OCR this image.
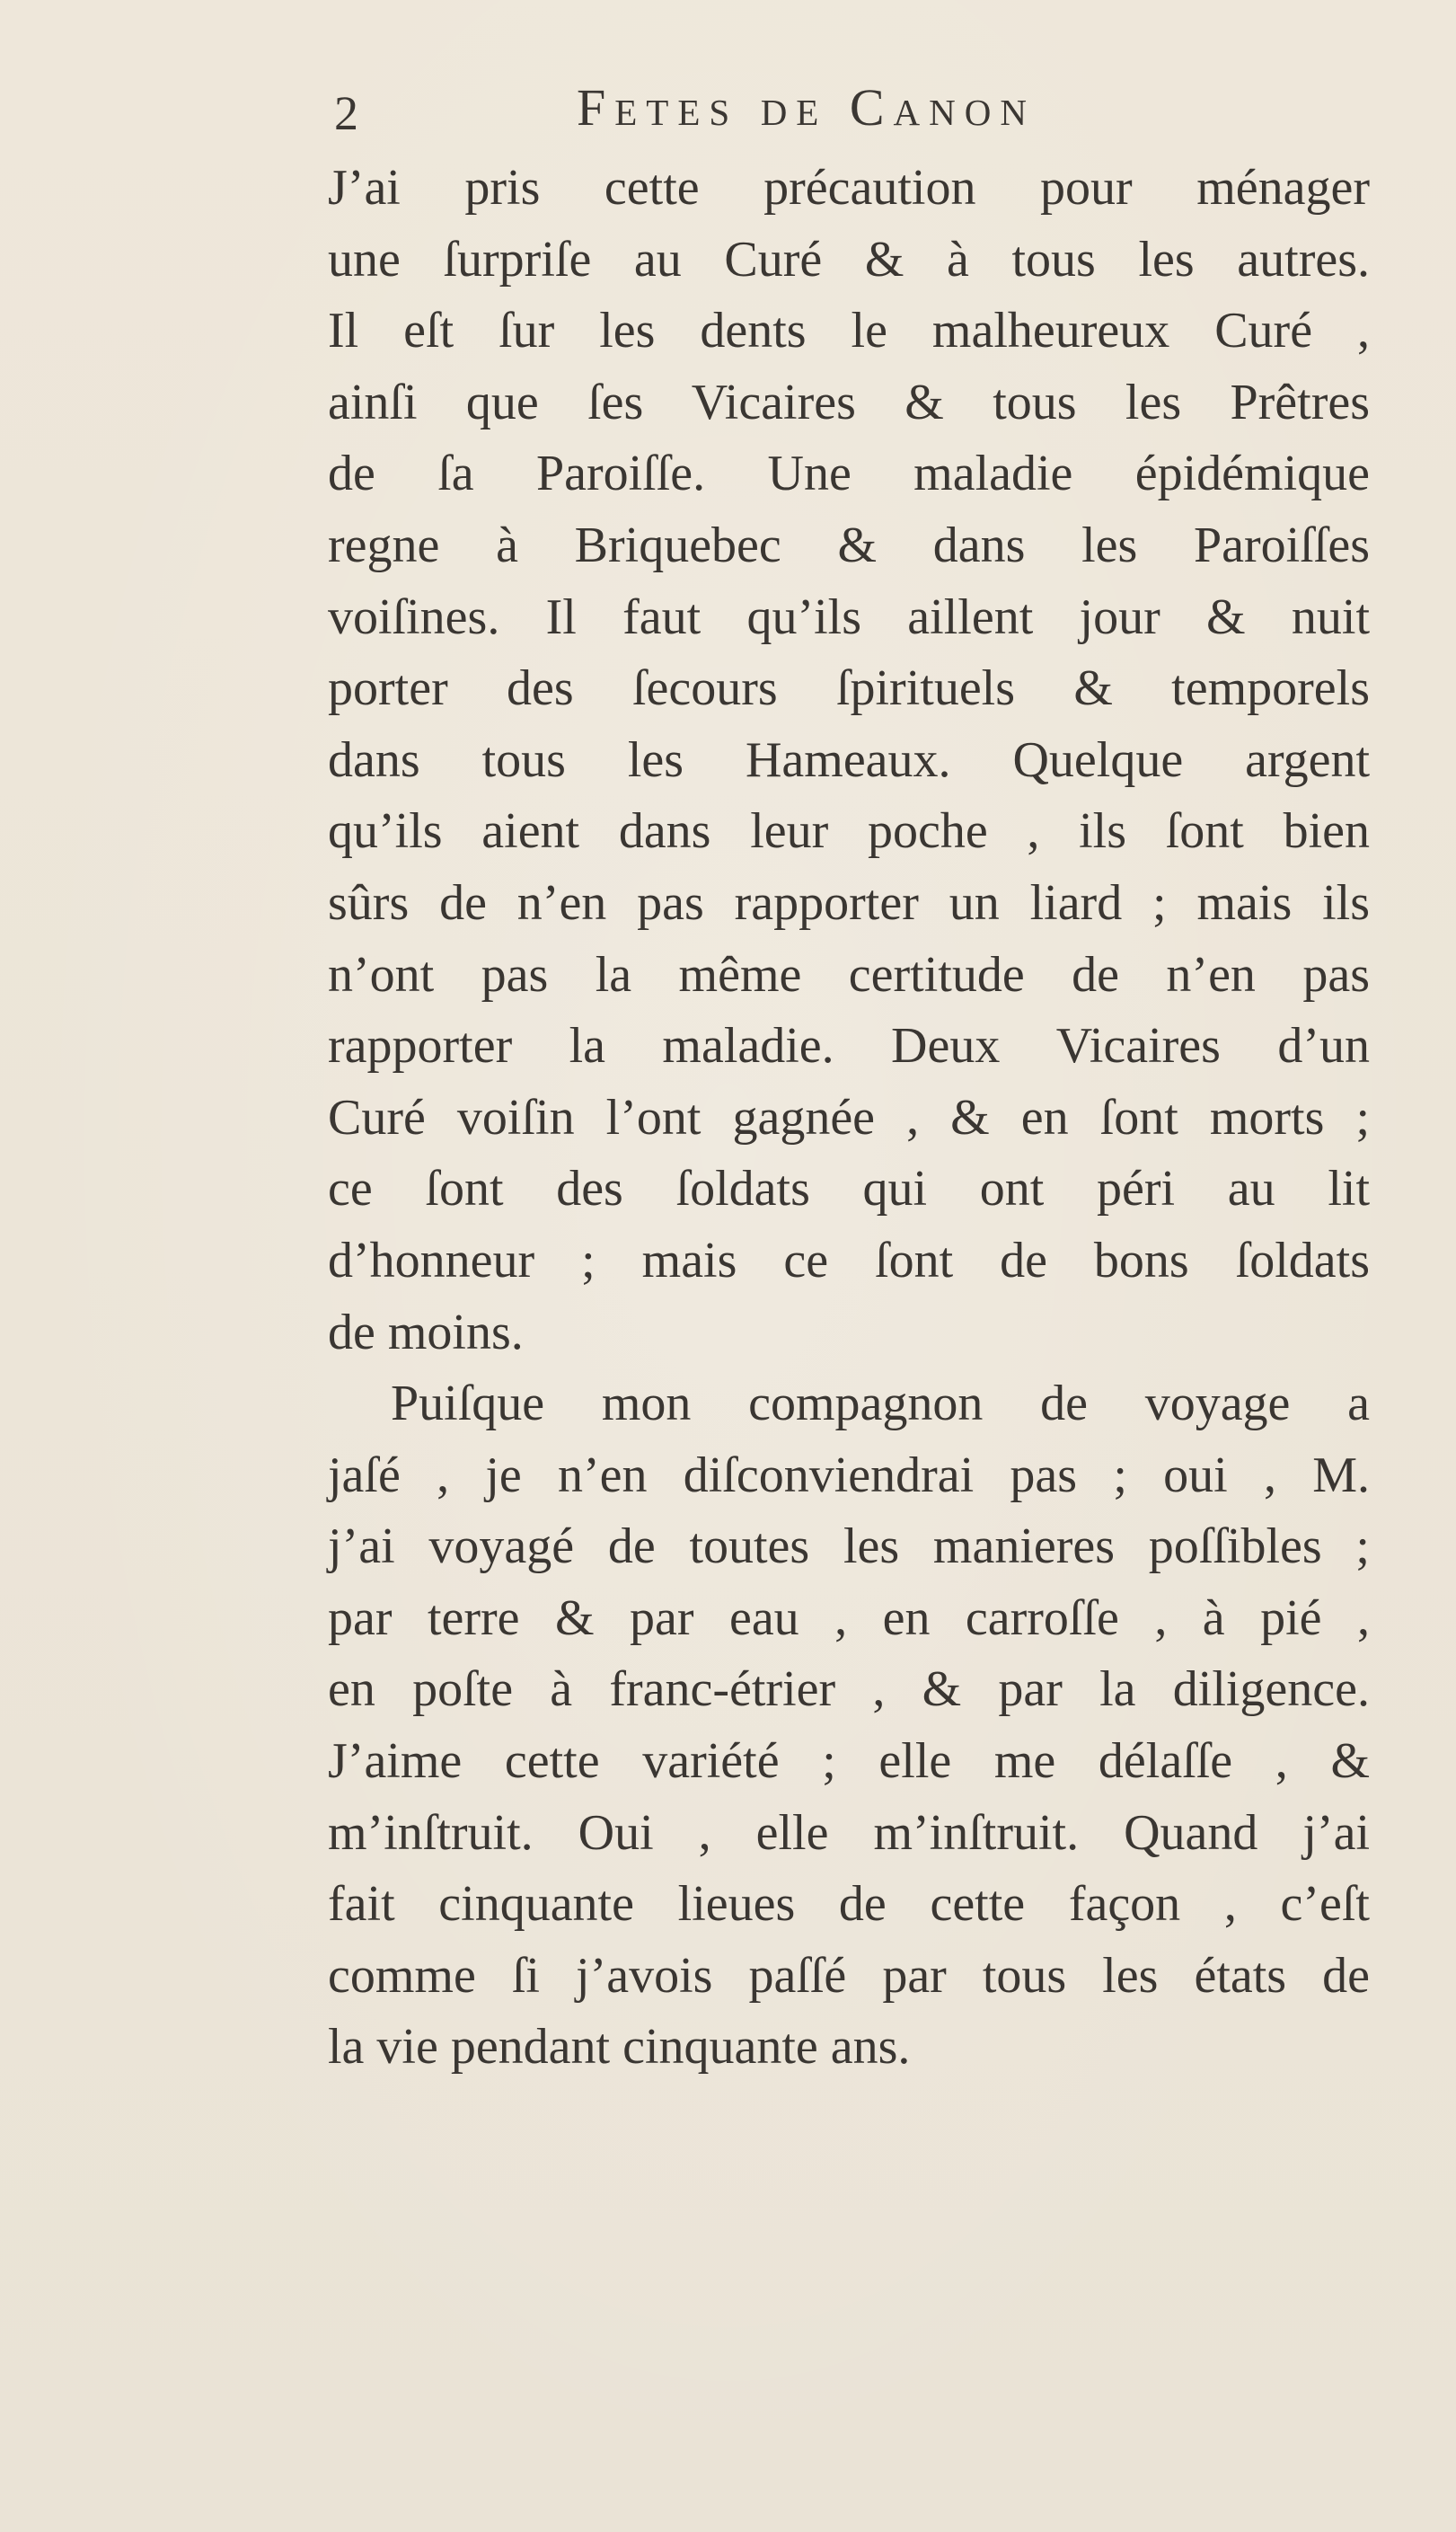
2	Fetes de Canon
J’ai pris cette précaution pour ménager
une ſurpriſe au Curé & à tous les autres.
Il eſt ſur les dents le malheureux Curé ,
ainſi que ſes Vicaires & tous les Prêtres
de ſa Paroiſſe. Une maladie épidémique
regne à Briquebec & dans les Paroiſſes
voiſines. Il faut qu’ils aillent jour & nuit
porter des ſecours ſpirituels & temporels
dans tous les Hameaux. Quelque argent
qu’ils aient dans leur poche , ils ſont bien
sûrs de n’en pas rapporter un liard ; mais ils
n’ont pas la même certitude de n’en pas
rapporter la maladie. Deux Vicaires d’un
Curé voiſin l’ont gagnée , & en ſont morts ;
ce ſont des ſoldats qui ont péri au lit
d’honneur ; mais ce ſont de bons ſoldats
de moins.
Puiſque mon compagnon de voyage a
jaſé , je n’en diſconviendrai pas ; oui , M.
j’ai voyagé de toutes les manieres poſſibles ;
par terre & par eau , en carroſſe , à pié ,
en poſte à franc-étrier , & par la diligence.
J’aime cette variété ; elle me délaſſe , &
m’inſtruit. Oui , elle m’inſtruit. Quand j’ai
fait cinquante lieues de cette façon , c’eſt
comme ſi j’avois paſſé par tous les états de
la vie pendant cinquante ans.
